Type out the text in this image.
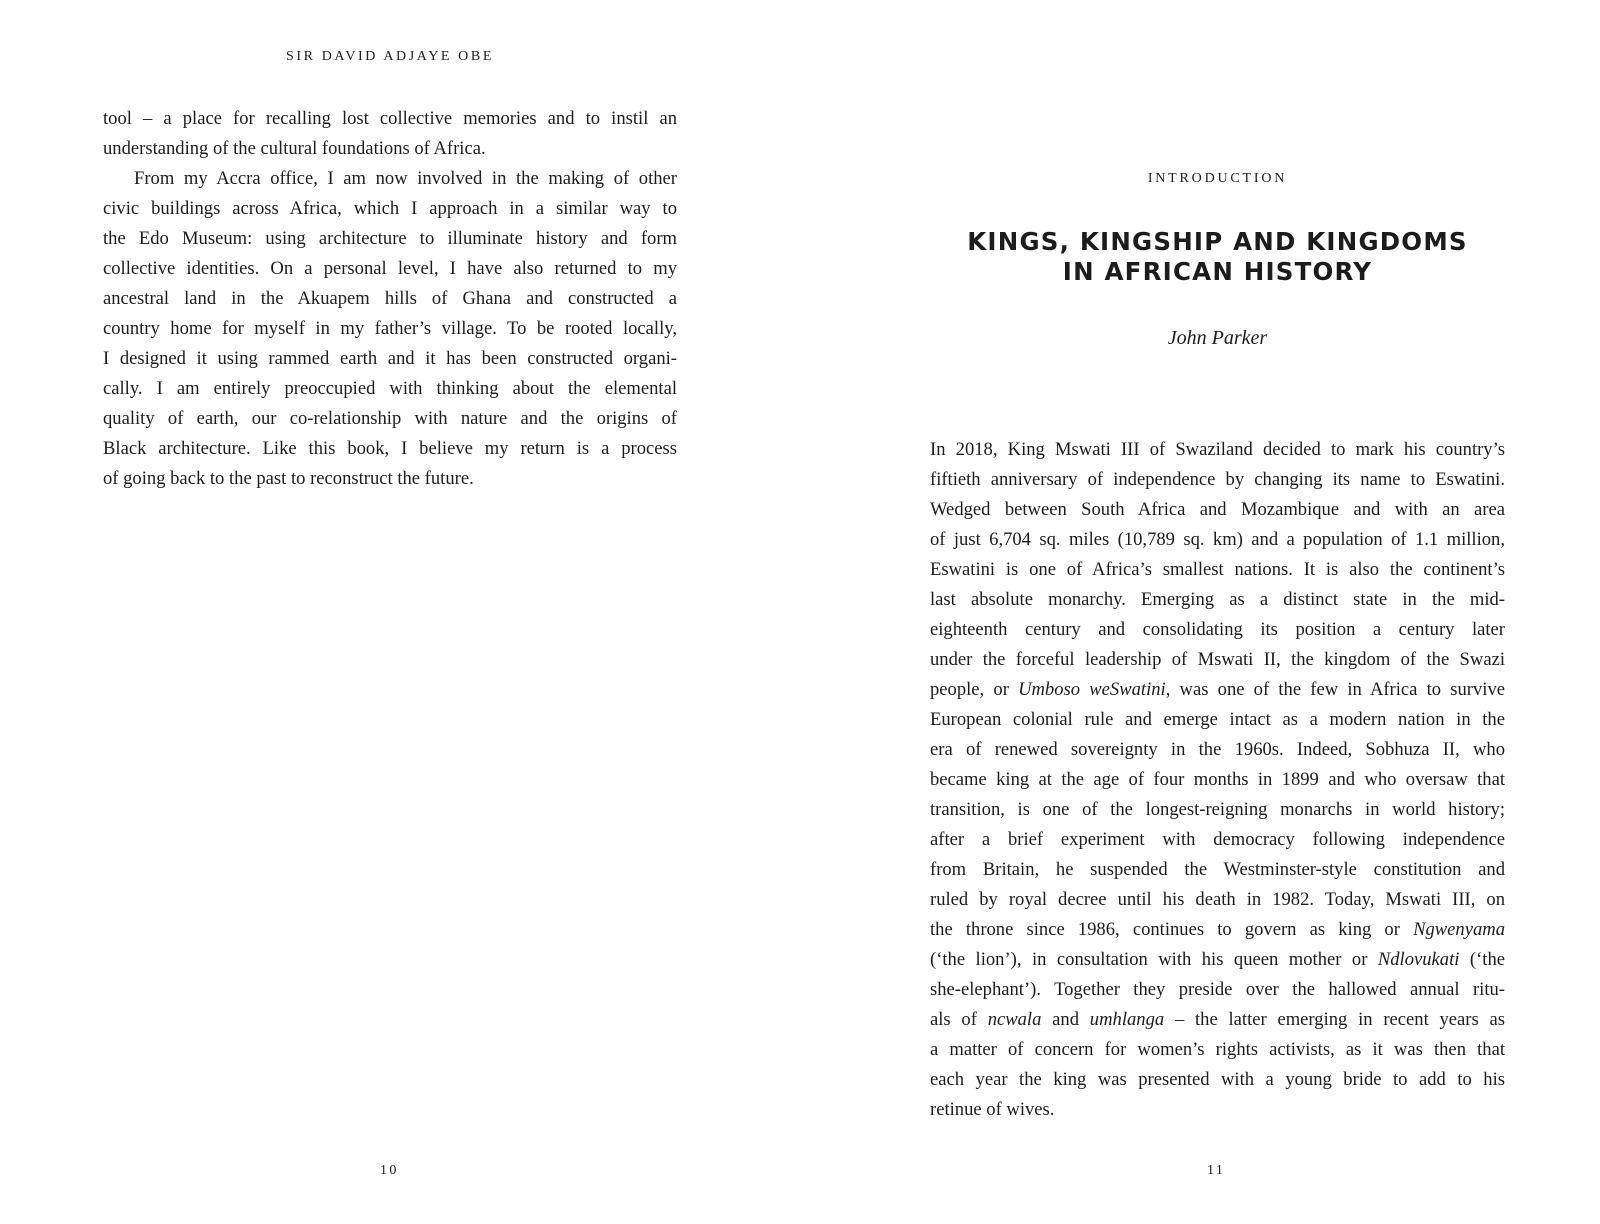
SIR DAVID ADJAYE OBE
tool – a place for recalling lost collective memories and to instil an
understanding of the cultural foundations of Africa.
From my Accra office, I am now involved in the making of other
civic buildings across Africa, which I approach in a similar way to
the Edo Museum: using architecture to illuminate history and form
collective identities. On a personal level, I have also returned to my
ancestral land in the Akuapem hills of Ghana and constructed a
country home for myself in my father’s village. To be rooted locally,
I designed it using rammed earth and it has been constructed organi-
cally. I am entirely preoccupied with thinking about the elemental
quality of earth, our co-relationship with nature and the origins of
Black architecture. Like this book, I believe my return is a process
of going back to the past to reconstruct the future.
10
INTRODUCTION
KINGS, KINGSHIP AND KINGDOMS
IN AFRICAN HISTORY
John Parker
In 2018, King Mswati III of Swaziland decided to mark his country’s
fiftieth anniversary of independence by changing its name to Eswatini.
Wedged between South Africa and Mozambique and with an area
of just 6,704 sq. miles (10,789 sq. km) and a population of 1.1 million,
Eswatini is one of Africa’s smallest nations. It is also the continent’s
last absolute monarchy. Emerging as a distinct state in the mid-
eighteenth century and consolidating its position a century later
under the forceful leadership of Mswati II, the kingdom of the Swazi
people, or Umboso weSwatini, was one of the few in Africa to survive
European colonial rule and emerge intact as a modern nation in the
era of renewed sovereignty in the 1960s. Indeed, Sobhuza II, who
became king at the age of four months in 1899 and who oversaw that
transition, is one of the longest-reigning monarchs in world history;
after a brief experiment with democracy following independence
from Britain, he suspended the Westminster-style constitution and
ruled by royal decree until his death in 1982. Today, Mswati III, on
the throne since 1986, continues to govern as king or Ngwenyama
(‘the lion’), in consultation with his queen mother or Ndlovukati (‘the
she-elephant’). Together they preside over the hallowed annual ritu-
als of ncwala and umhlanga – the latter emerging in recent years as
a matter of concern for women’s rights activists, as it was then that
each year the king was presented with a young bride to add to his
retinue of wives.
11
